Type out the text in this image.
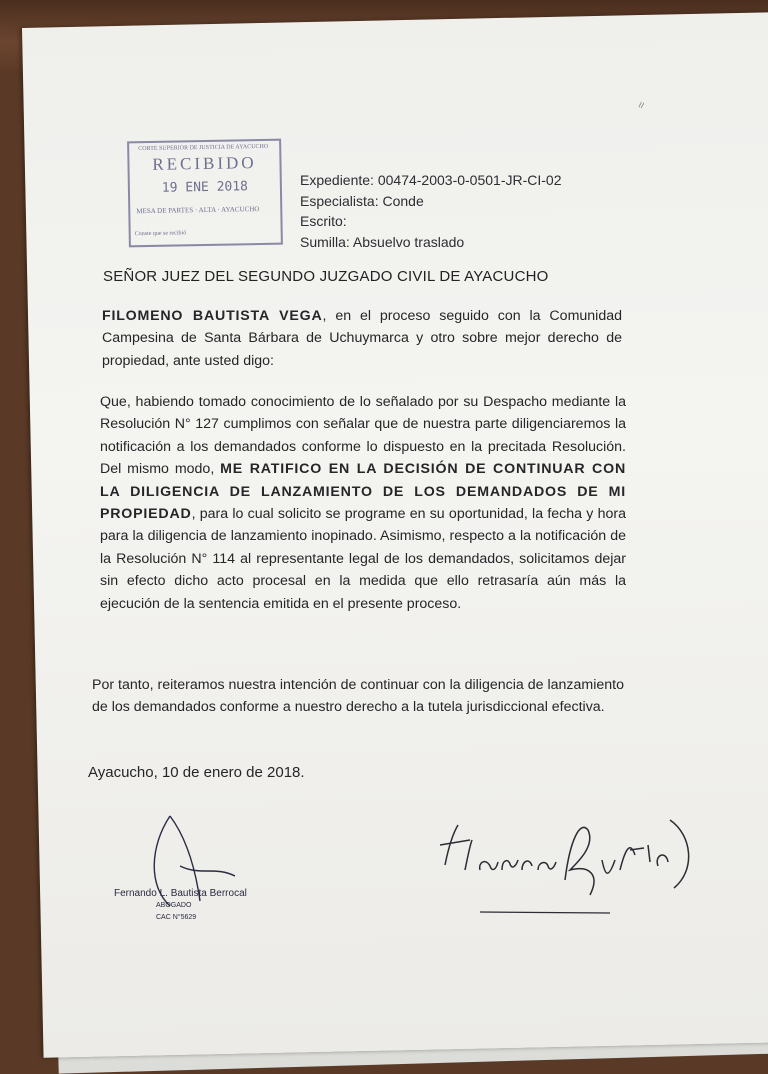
≈
CORTE SUPERIOR DE JUSTICIA DE AYACUCHO
RECIBIDO
19 ENE 2018
MESA DE PARTES · ALTA · AYACUCHO
Conste que se recibió
Expediente: 00474-2003-0-0501-JR-CI-02
Especialista: Conde
Escrito:
Sumilla: Absuelvo traslado
SEÑOR JUEZ DEL SEGUNDO JUZGADO CIVIL DE AYACUCHO
FILOMENO BAUTISTA VEGA, en el proceso seguido con la Comunidad Campesina de Santa Bárbara de Uchuymarca y otro sobre mejor derecho de propiedad, ante usted digo:
Que, habiendo tomado conocimiento de lo señalado por su Despacho mediante la Resolución N° 127 cumplimos con señalar que de nuestra parte diligenciaremos la notificación a los demandados conforme lo dispuesto en la precitada Resolución. Del mismo modo, ME RATIFICO EN LA DECISIÓN DE CONTINUAR CON LA DILIGENCIA DE LANZAMIENTO DE LOS DEMANDADOS DE MI PROPIEDAD, para lo cual solicito se programe en su oportunidad, la fecha y hora para la diligencia de lanzamiento inopinado. Asimismo, respecto a la notificación de la Resolución N° 114 al representante legal de los demandados, solicitamos dejar sin efecto dicho acto procesal en la medida que ello retrasaría aún más la ejecución de la sentencia emitida en el presente proceso.
Por tanto, reiteramos nuestra intención de continuar con la diligencia de lanzamiento de los demandados conforme a nuestro derecho a la tutela jurisdiccional efectiva.
Ayacucho, 10 de enero de 2018.
Fernando L. Bautista Berrocal
ABOGADO
CAC N°5629
